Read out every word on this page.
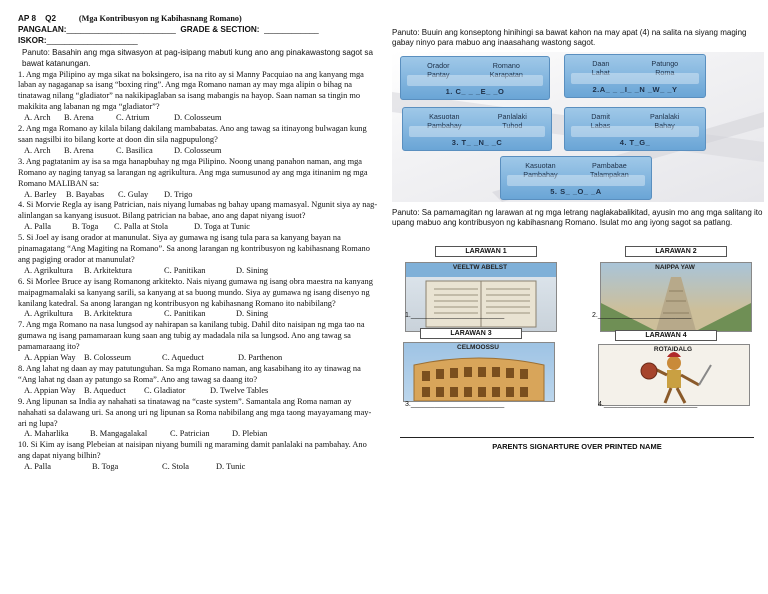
AP 8 Q2	(Mga Kontribusyon ng Kabihasnang Romano)
PANGALAN:________________________ GRADE & SECTION: ____________
ISKOR:____________________
Panuto: Basahin ang mga sitwasyon at pag-isipang mabuti kung ano ang pinakawastong sagot sa bawat katanungan.
1. Ang mga Pilipino ay mga sikat na boksingero, isa na rito ay si Manny Pacquiao na ang kanyang mga laban ay nagaganap sa isang “boxing ring”. Ang mga Romano naman ay may mga alipin o bihag na tinatawag nilang “gladiator” na nakikipaglaban sa isang mabangis na hayop. Saan naman sa tingin mo makikita ang labanan ng mga “gladiator”?
A. Arch B. Arena	C. Atrium	D. Colosseum
2. Ang mga Romano ay kilala bilang dakilang mambabatas. Ano ang tawag sa itinayong bulwagan kung saan nagsilbi ito bilang korte at doon din sila nagpupulong?
A. Arch B. Arena	C. Basilica	D. Colosseum
3. Ang pagtatanim ay isa sa mga hanapbuhay ng mga Pilipino. Noong unang panahon naman, ang mga Romano ay naging tanyag sa larangan ng agrikultura. Ang mga sumusunod ay ang mga itinanim ng mga Romano MALIBAN sa:
A. Barley B. Bayabas C. Gulay D. Trigo
4. Si Morvie Regla ay isang Patrician, nais niyang lumabas ng bahay upang mamasyal. Ngunit siya ay nag-alinlangan sa kanyang isusuot. Bilang patrician na babae, ano ang dapat niyang isuot?
A. Palla	B. Toga C. Palla at Stola	D. Toga at Tunic
5. Si Joel ay isang orador at manunulat. Siya ay gumawa ng isang tula para sa kanyang bayan na pinamagatang “Ang Magiting na Romano”. Sa anong larangan ng kontribusyon ng kabihasnang Romano ang pagiging orador at manunulat?
A. Agrikultura B. Arkitektura	C. Panitikan	D. Sining
6. Si Morlee Bruce ay isang Romanong arkitekto. Nais niyang gumawa ng isang obra maestra na kanyang maipagmamalaki sa kanyang sarili, sa kanyang at sa buong mundo. Siya ay gumawa ng isang disenyo ng kanilang katedral. Sa anong larangan ng kontribusyon ng kabihasnang Romano ito nabibilang?
A. Agrikultura B. Arkitektura	C. Panitikan	D. Sining
7. Ang mga Romano na nasa lungsod ay nahirapan sa kanilang tubig. Dahil dito naisipan ng mga tao na gumawa ng isang pamamaraan kung saan ang tubig ay madadala nila sa lungsod. Ano ang tawag sa pamamaraang ito?
A. Appian Way B. Colosseum	C. Aqueduct	D. Parthenon
8. Ang lahat ng daan ay may patutunguhan. Sa mga Romano naman, ang kasabihang ito ay tinawag na “Ang lahat ng daan ay patungo sa Roma”. Ano ang tawag sa daang ito?
A. Appian Way B. Aqueduct C. Gladiator	D. Twelve Tables
9. Ang lipunan sa India ay nahahati sa tinatawag na “caste system”. Samantala ang Roma naman ay nahahati sa dalawang uri. Sa anong uri ng lipunan sa Roma nabibilang ang mga taong mayayamang may-ari ng lupa?
A. Maharlika	B. Mangagalakal	C. Patrician	D. Plebian
10. Si Kim ay isang Plebeian at naisipan niyang bumili ng maraming damit panlalaki na pambahay. Ano ang dapat niyang bilhin?
A. Palla	B. Toga	C. Stola	D. Tunic
Panuto: Buuin ang konseptong hinihingi sa bawat kahon na may apat (4) na salita na siyang maging gabay ninyo para mabuo ang inaasahang wastong sagot.
Orador
Pantay
Romano
Karapatan
1. C_ _ _E_ _O
Daan
Lahat
Patungo
Roma
2.A_ _ _I_ _N _W_ _Y
Kasuotan
Pambahay
Panlalaki
Tuhod
3. T_ _N_ _C
Damit
Labas
Panlalaki
Bahay
4. T_G_
Kasuotan
Pambahay
Pambabae
Talampakan
5. S_ _O_ _A
Panuto: Sa pamamagitan ng larawan at ng mga letrang naglakabalikitad, ayusin mo ang mga salitang ito upang mabuo ang kontribusyon ng kabihasnang Romano. Isulat mo ang iyong sagot sa patlang.
LARAWAN 1
VEELTW ABELST
1.________________________
LARAWAN 2
NAIPPA YAW
2.________________________
LARAWAN 3
CELMOOSSU
3.________________________
LARAWAN 4
ROTAIDALG
4.________________________
PARENTS SIGNARTURE OVER PRINTED NAME
